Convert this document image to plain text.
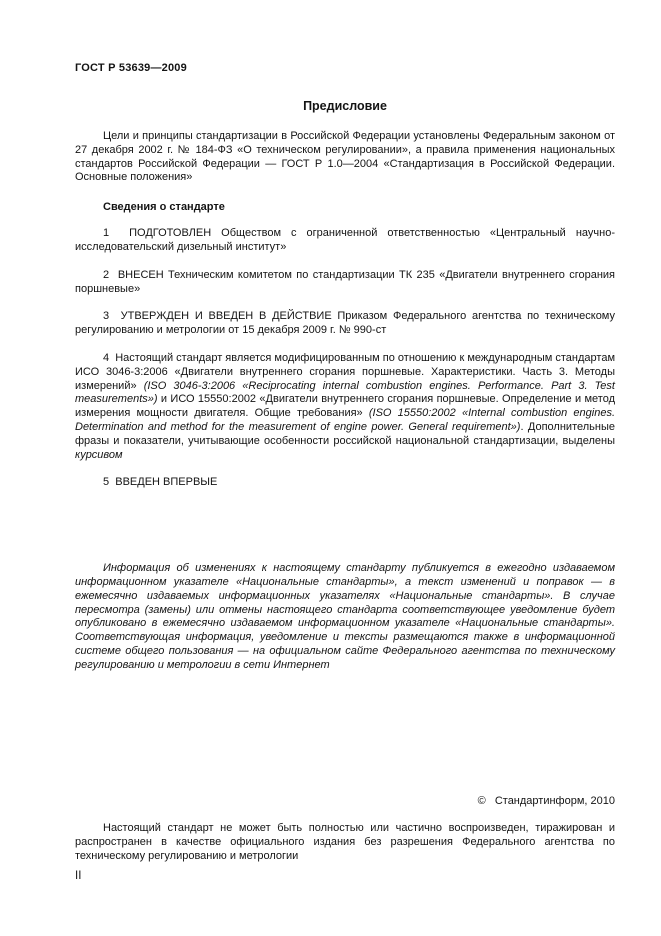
ГОСТ Р 53639—2009
Предисловие

Цели и принципы стандартизации в Российской Федерации установлены Федеральным законом от 27 декабря 2002 г. № 184-ФЗ «О техническом регулировании», а правила применения национальных стандартов Российской Федерации — ГОСТ Р 1.0—2004 «Стандартизация в Российской Федерации. Основные положения»

Сведения о стандарте

1  ПОДГОТОВЛЕН Обществом с ограниченной ответственностью «Центральный научно-исследовательский дизельный институт»

2  ВНЕСЕН Техническим комитетом по стандартизации ТК 235 «Двигатели внутреннего сгорания поршневые»

3  УТВЕРЖДЕН И ВВЕДЕН В ДЕЙСТВИЕ Приказом Федерального агентства по техническому регулированию и метрологии от 15 декабря 2009 г. № 990-ст

4  Настоящий стандарт является модифицированным по отношению к международным стандартам ИСО 3046-3:2006 «Двигатели внутреннего сгорания поршневые. Характеристики. Часть 3. Методы измерений» (ISO 3046-3:2006 «Reciprocating internal combustion engines. Performance. Part 3. Test measurements») и ИСО 15550:2002 «Двигатели внутреннего сгорания поршневые. Определение и метод измерения мощности двигателя. Общие требования» (ISO 15550:2002 «Internal combustion engines. Determination and method for the measurement of engine power. General requirement»). Дополнительные фразы и показатели, учитывающие особенности российской национальной стандартизации, выделены курсивом

5  ВВЕДЕН ВПЕРВЫЕ

Информация об изменениях к настоящему стандарту публикуется в ежегодно издаваемом информационном указателе «Национальные стандарты», а текст изменений и поправок — в ежемесячно издаваемых информационных указателях «Национальные стандарты». В случае пересмотра (замены) или отмены настоящего стандарта соответствующее уведомление будет опубликовано в ежемесячно издаваемом информационном указателе «Национальные стандарты». Соответствующая информация, уведомление и тексты размещаются также в информационной системе общего пользования — на официальном сайте Федерального агентства по техническому регулированию и метрологии в сети Интернет

©   Стандартинформ, 2010

Настоящий стандарт не может быть полностью или частично воспроизведен, тиражирован и распространен в качестве официального издания без разрешения Федерального агентства по техническому регулированию и метрологии

II
